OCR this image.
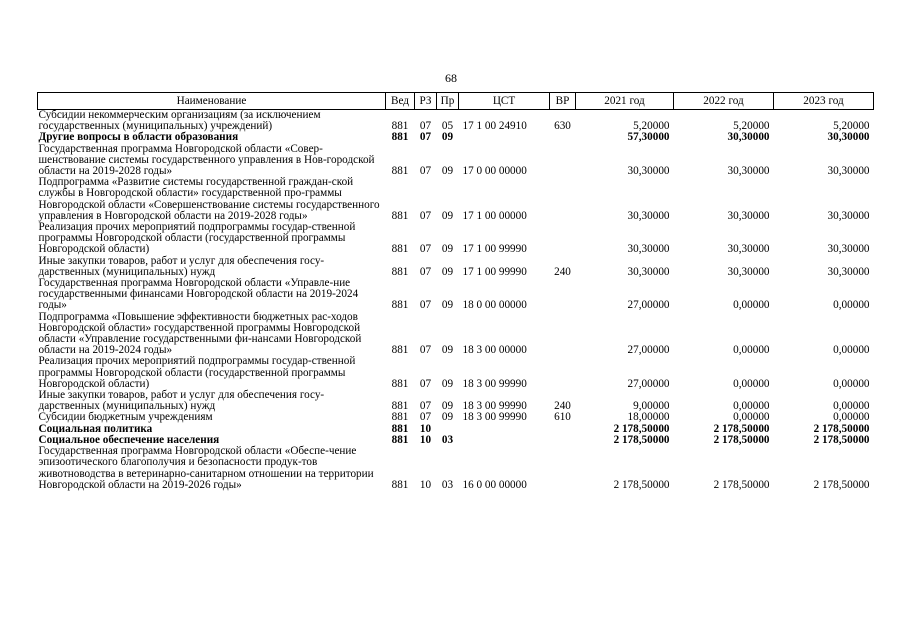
68
Наименование	Вед	РЗ	Пр	ЦСТ	ВР	2021 год	2022 год	2023 год
Субсидии некоммерческим организациям (за исключением государственных (муниципальных) учреждений)	881	07	05	17 1 00 24910	630	5,20000	5,20000	5,20000
Другие вопросы в области образования	881	07	09			57,30000	30,30000	30,30000
Государственная программа Новгородской области «Совер-шенствование системы государственного управления в Нов-городской области на 2019-2028 годы»	881	07	09	17 0 00 00000		30,30000	30,30000	30,30000
Подпрограмма «Развитие системы государственной граждан-ской службы в Новгородской области» государственной про-граммы Новгородской области «Совершенствование системы государственного управления в Новгородской области на 2019-2028 годы»	881	07	09	17 1 00 00000		30,30000	30,30000	30,30000
Реализация прочих мероприятий подпрограммы государ-ственной программы Новгородской области (государственной программы Новгородской области)	881	07	09	17 1 00 99990		30,30000	30,30000	30,30000
Иные закупки товаров, работ и услуг для обеспечения госу-дарственных (муниципальных) нужд	881	07	09	17 1 00 99990	240	30,30000	30,30000	30,30000
Государственная программа Новгородской области «Управле-ние государственными финансами Новгородской области на 2019-2024 годы»	881	07	09	18 0 00 00000		27,00000	0,00000	0,00000
Подпрограмма «Повышение эффективности бюджетных рас-ходов Новгородской области» государственной программы Новгородской области «Управление государственными фи-нансами Новгородской области на 2019-2024 годы»	881	07	09	18 3 00 00000		27,00000	0,00000	0,00000
Реализация прочих мероприятий подпрограммы государ-ственной программы Новгородской области (государственной программы Новгородской области)	881	07	09	18 3 00 99990		27,00000	0,00000	0,00000
Иные закупки товаров, работ и услуг для обеспечения госу-дарственных (муниципальных) нужд	881	07	09	18 3 00 99990	240	9,00000	0,00000	0,00000
Субсидии бюджетным учреждениям	881	07	09	18 3 00 99990	610	18,00000	0,00000	0,00000
Социальная политика	881	10				2 178,50000	2 178,50000	2 178,50000
Социальное обеспечение населения	881	10	03			2 178,50000	2 178,50000	2 178,50000
Государственная программа Новгородской области «Обеспе-чение эпизоотического благополучия и безопасности продук-тов животноводства в ветеринарно-санитарном отношении на территории Новгородской области на 2019-2026 годы»	881	10	03	16 0 00 00000		2 178,50000	2 178,50000	2 178,50000
